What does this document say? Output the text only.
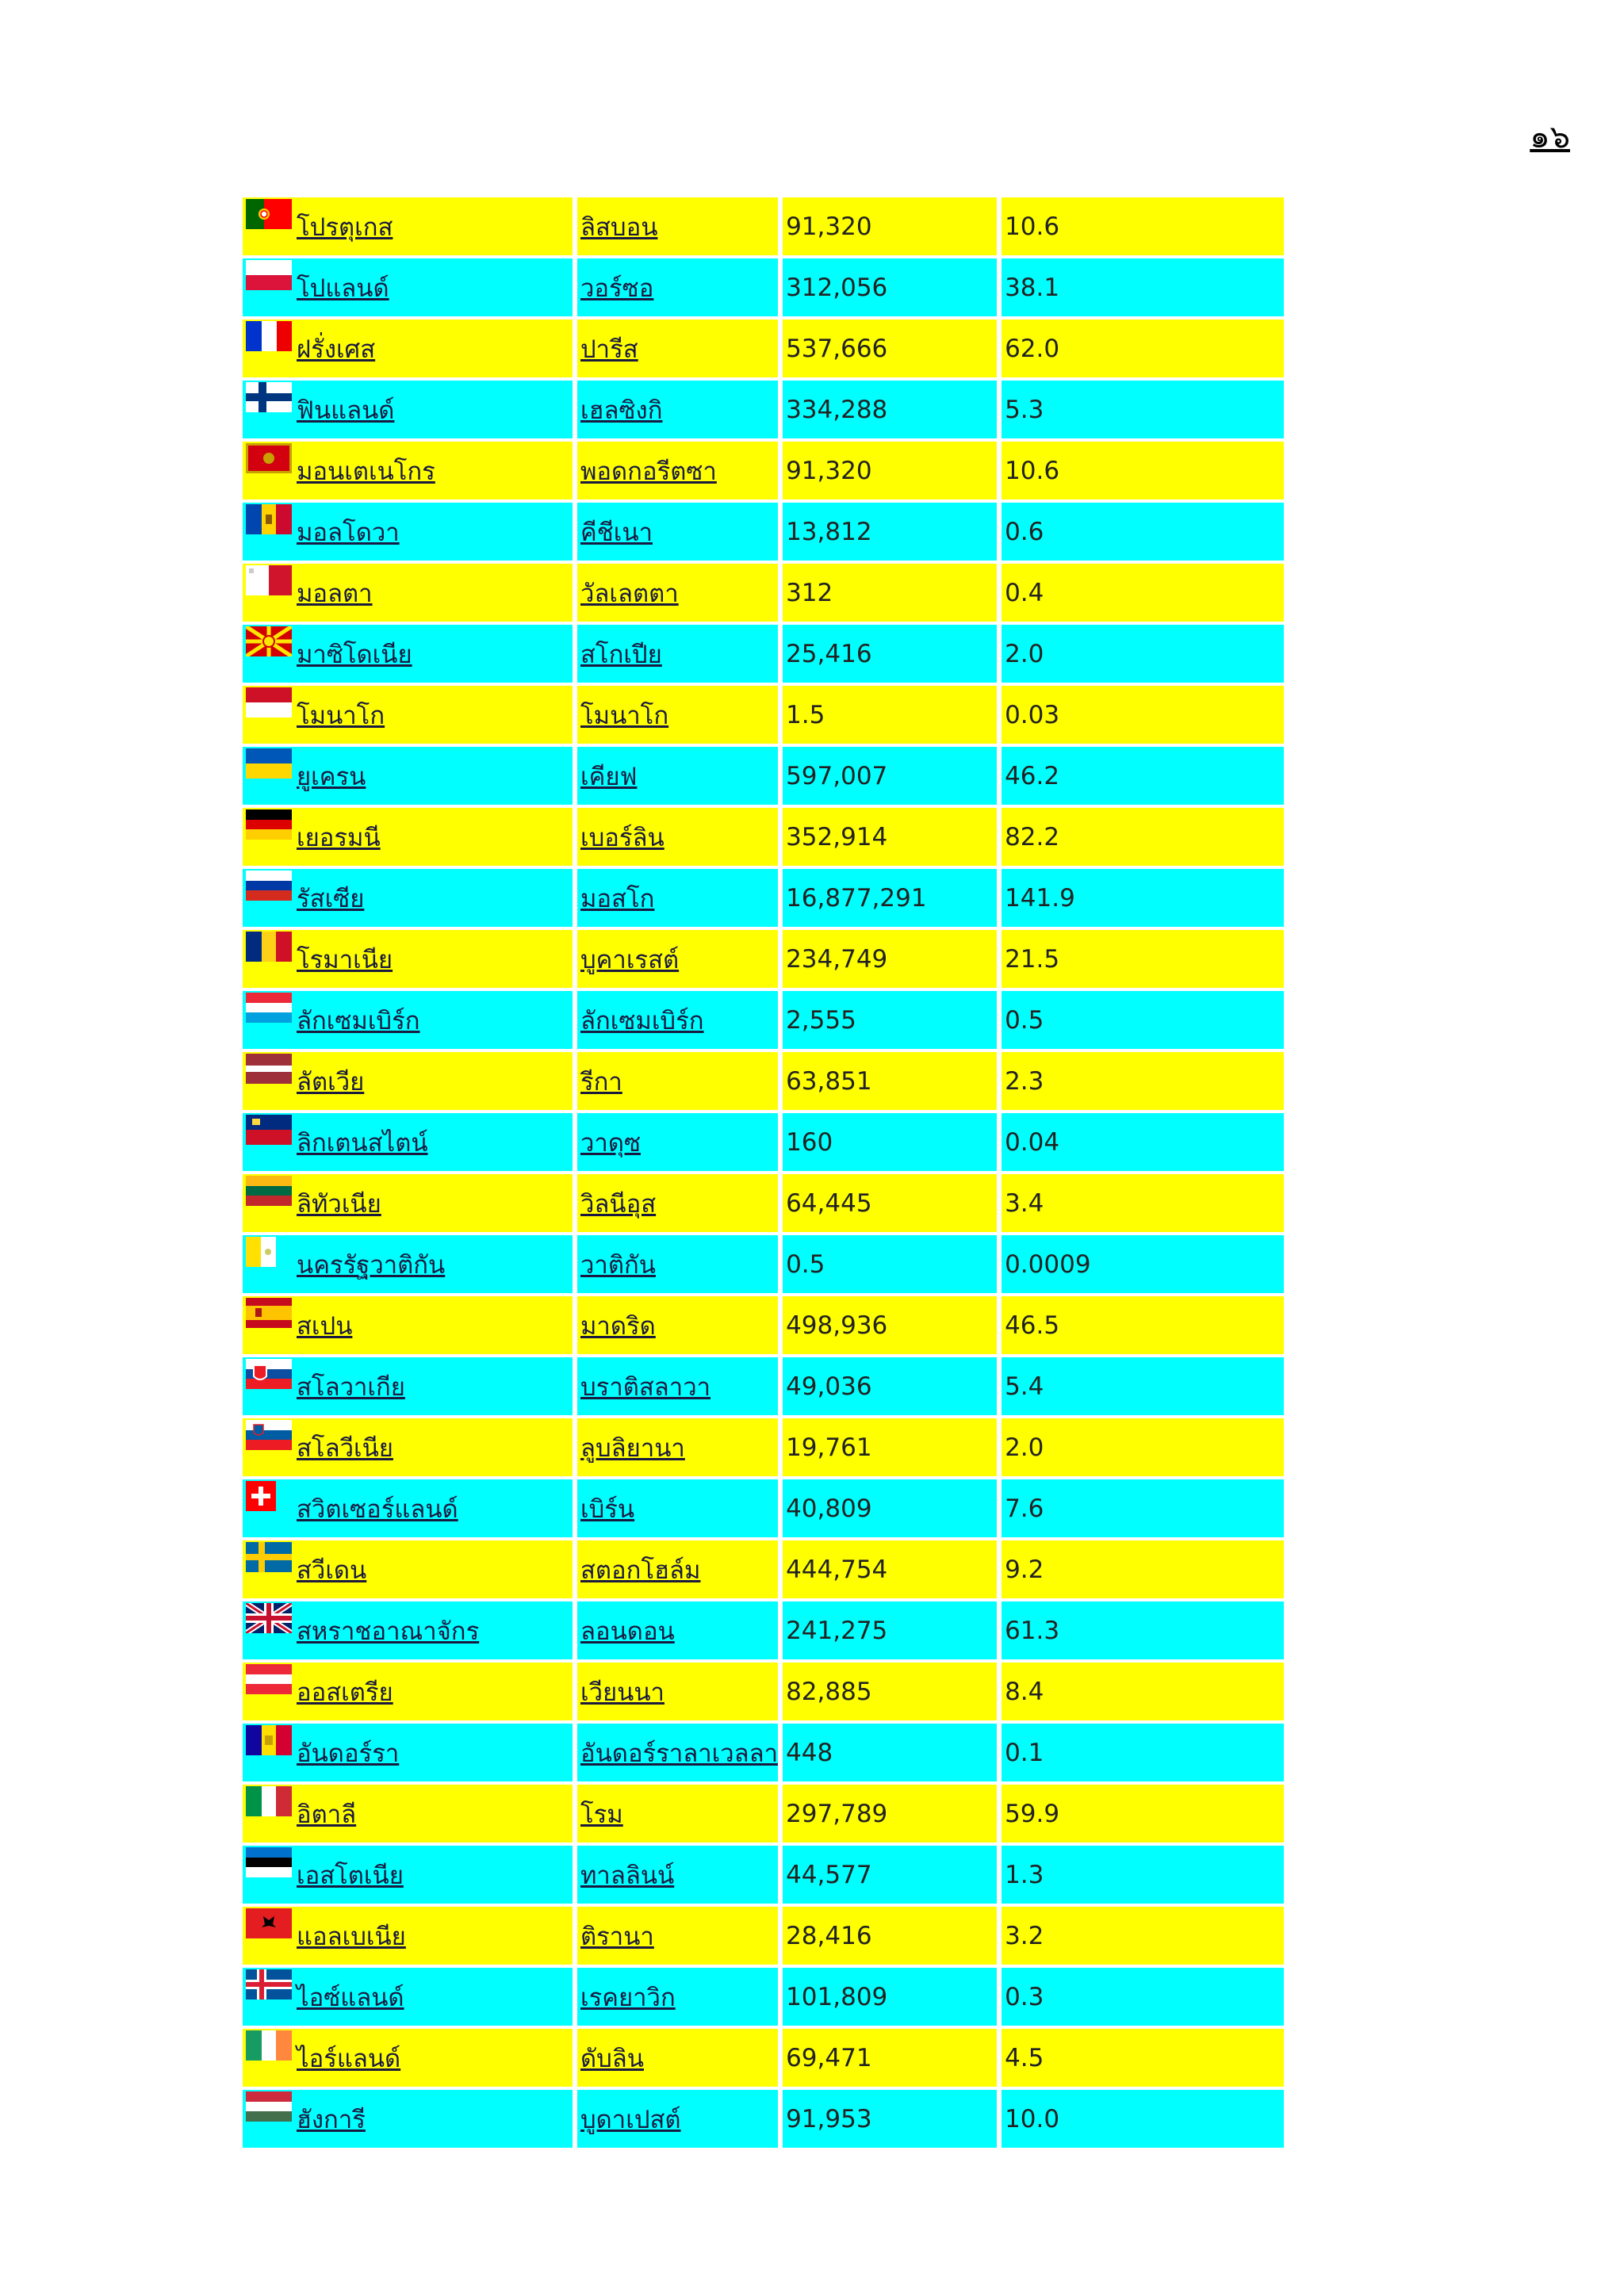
๑๖
โปรตุเกส	ลิสบอน	91,320	10.6

โปแลนด์	วอร์ซอ	312,056	38.1

ฝรั่งเศส	ปารีส	537,666	62.0

ฟินแลนด์	เฮลซิงกิ	334,288	5.3

มอนเตเนโกร	พอดกอรีตซา	91,320	10.6

มอลโดวา	คีชีเนา	13,812	0.6

มอลตา	วัลเลตตา	312	0.4

มาซิโดเนีย	สโกเปีย	25,416	2.0

โมนาโก	โมนาโก	1.5	0.03

ยูเครน	เคียฟ	597,007	46.2

เยอรมนี	เบอร์ลิน	352,914	82.2

รัสเซีย	มอสโก	16,877,291	141.9

โรมาเนีย	บูคาเรสต์	234,749	21.5

ลักเซมเบิร์ก	ลักเซมเบิร์ก	2,555	0.5

ลัตเวีย	รีกา	63,851	2.3

ลิกเตนสไตน์	วาดุซ	160	0.04

ลิทัวเนีย	วิลนีอุส	64,445	3.4

นครรัฐวาติกัน	วาติกัน	0.5	0.0009

สเปน	มาดริด	498,936	46.5

สโลวาเกีย	บราติสลาวา	49,036	5.4

สโลวีเนีย	ลูบลิยานา	19,761	2.0

สวิตเซอร์แลนด์	เบิร์น	40,809	7.6

สวีเดน	สตอกโฮล์ม	444,754	9.2

สหราชอาณาจักร	ลอนดอน	241,275	61.3

ออสเตรีย	เวียนนา	82,885	8.4

อันดอร์รา	อันดอร์ราลาเวลลา	448	0.1

อิตาลี	โรม	297,789	59.9

เอสโตเนีย	ทาลลินน์	44,577	1.3

แอลเบเนีย	ติรานา	28,416	3.2

ไอซ์แลนด์	เรคยาวิก	101,809	0.3

ไอร์แลนด์	ดับลิน	69,471	4.5

ฮังการี	บูดาเปสต์	91,953	10.0
